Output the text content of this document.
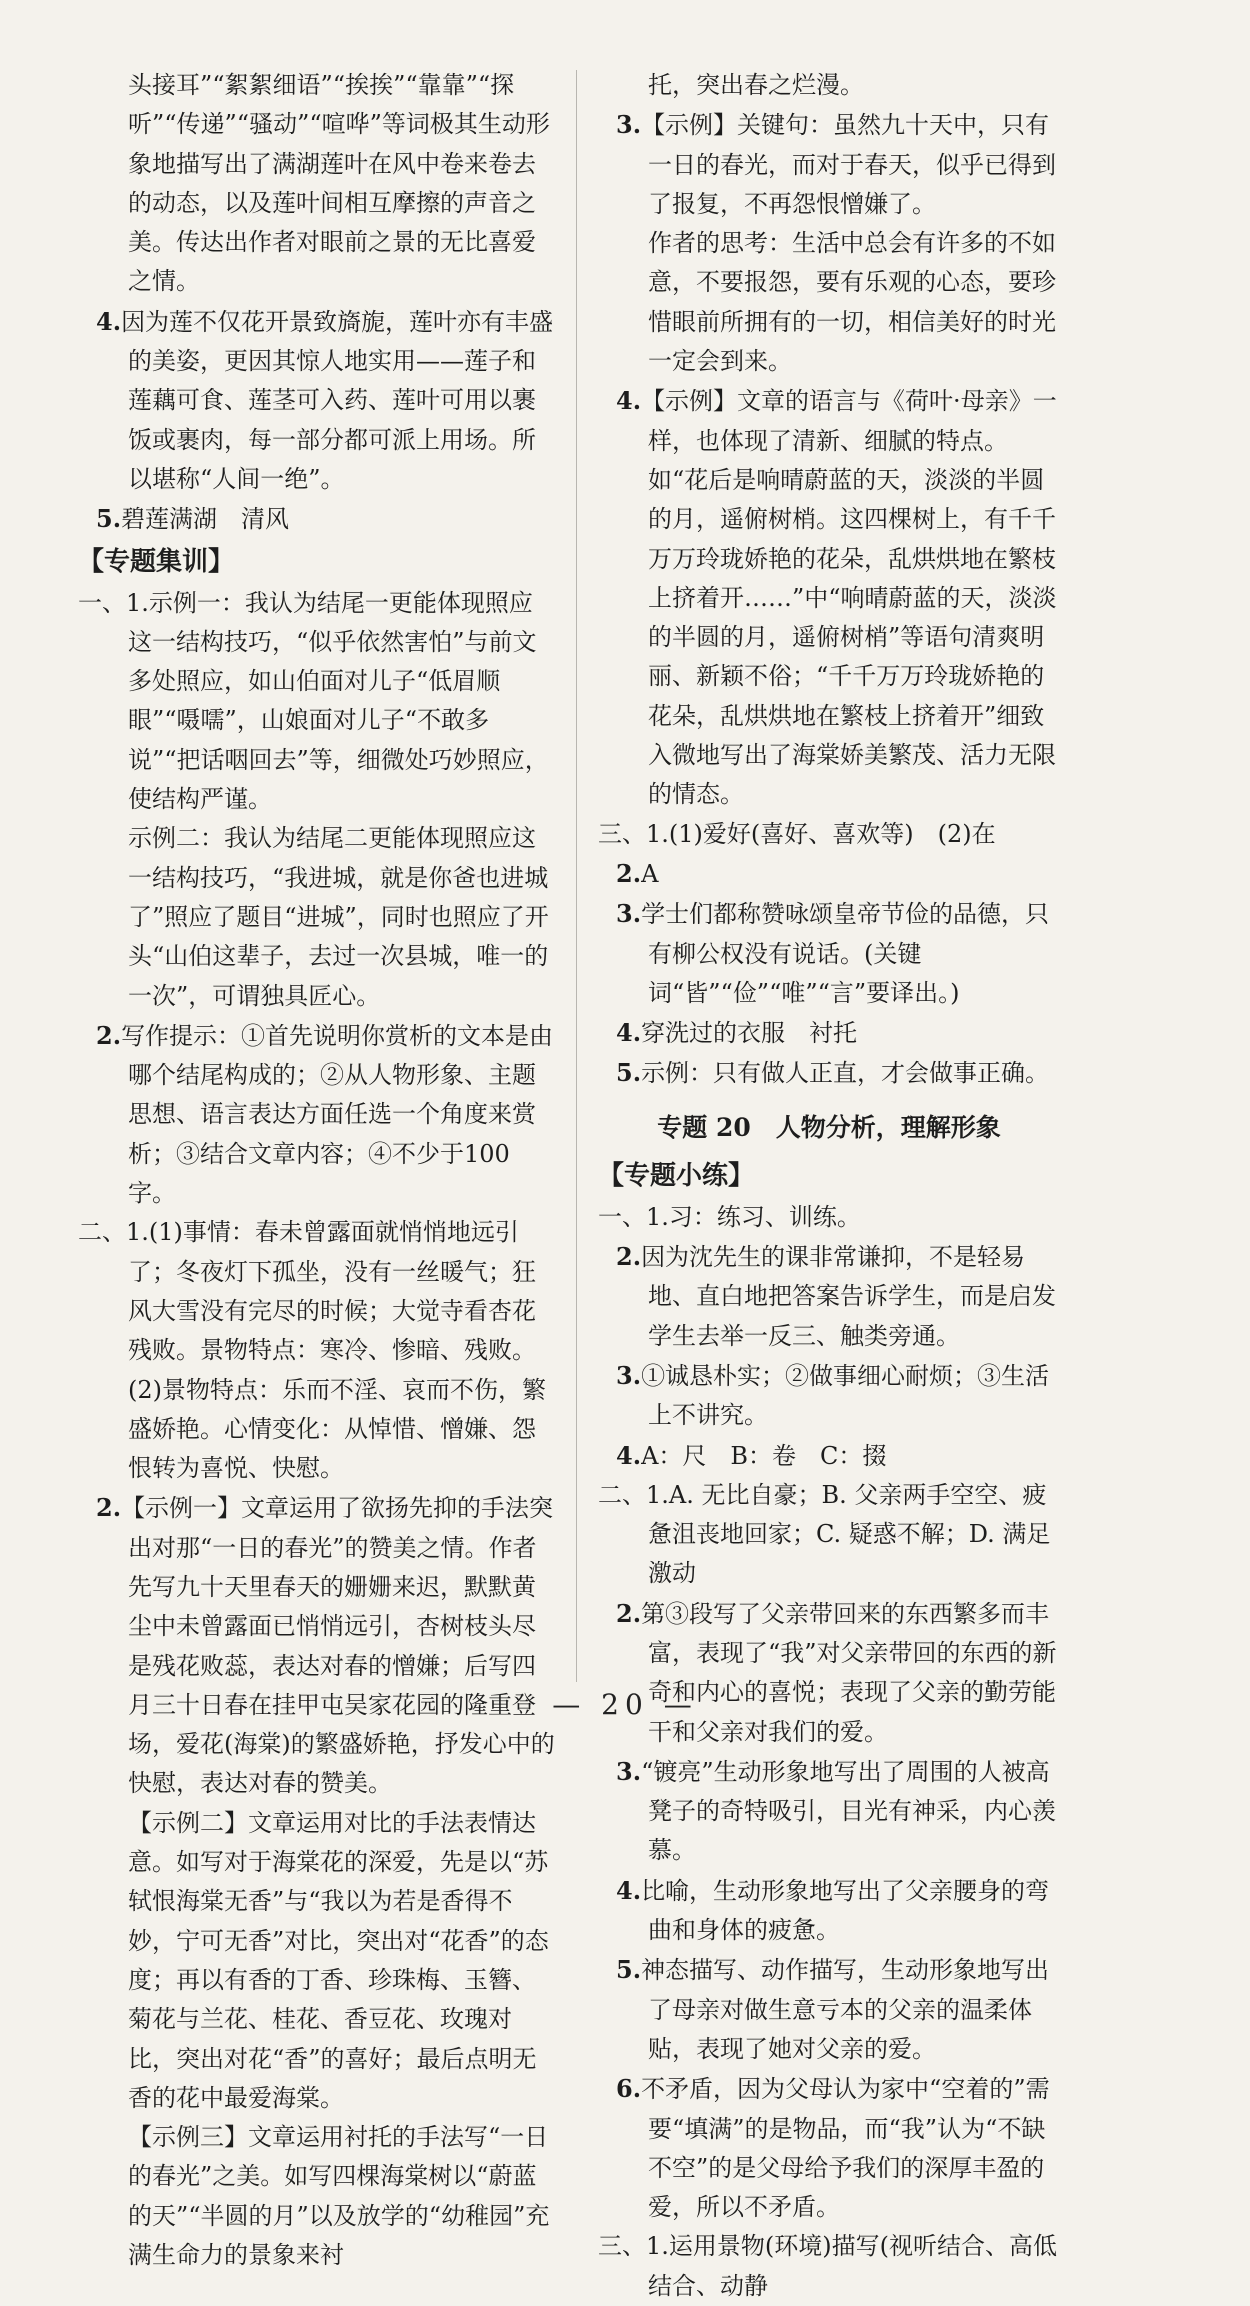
头接耳”“絮絮细语”“挨挨”“靠靠”“探听”“传递”“骚动”“喧哗”等词极其生动形象地描写出了满湖莲叶在风中卷来卷去的动态，以及莲叶间相互摩擦的声音之美。传达出作者对眼前之景的无比喜爱之情。

4.因为莲不仅花开景致旖旎，莲叶亦有丰盛的美姿，更因其惊人地实用——莲子和莲藕可食、莲茎可入药、莲叶可用以裹饭或裹肉，每一部分都可派上用场。所以堪称“人间一绝”。

5.碧莲满湖　清风

【专题集训】

一、1.示例一：我认为结尾一更能体现照应这一结构技巧，“似乎依然害怕”与前文多处照应，如山伯面对儿子“低眉顺眼”“嗫嚅”，山娘面对儿子“不敢多说”“把话咽回去”等，细微处巧妙照应，使结构严谨。

示例二：我认为结尾二更能体现照应这一结构技巧，“我进城，就是你爸也进城了”照应了题目“进城”，同时也照应了开头“山伯这辈子，去过一次县城，唯一的一次”，可谓独具匠心。

2.写作提示：①首先说明你赏析的文本是由哪个结尾构成的；②从人物形象、主题思想、语言表达方面任选一个角度来赏析；③结合文章内容；④不少于100字。

二、1.(1)事情：春未曾露面就悄悄地远引了；冬夜灯下孤坐，没有一丝暖气；狂风大雪没有完尽的时候；大觉寺看杏花残败。景物特点：寒冷、惨暗、残败。

(2)景物特点：乐而不淫、哀而不伤，繁盛娇艳。心情变化：从悼惜、憎嫌、怨恨转为喜悦、快慰。

2.【示例一】文章运用了欲扬先抑的手法突出对那“一日的春光”的赞美之情。作者先写九十天里春天的姗姗来迟，默默黄尘中未曾露面已悄悄远引，杏树枝头尽是残花败蕊，表达对春的憎嫌；后写四月三十日春在挂甲屯吴家花园的隆重登场，爱花(海棠)的繁盛娇艳，抒发心中的快慰，表达对春的赞美。

【示例二】文章运用对比的手法表情达意。如写对于海棠花的深爱，先是以“苏轼恨海棠无香”与“我以为若是香得不妙，宁可无香”对比，突出对“花香”的态度；再以有香的丁香、珍珠梅、玉簪、菊花与兰花、桂花、香豆花、玫瑰对比，突出对花“香”的喜好；最后点明无香的花中最爱海棠。

【示例三】文章运用衬托的手法写“一日的春光”之美。如写四棵海棠树以“蔚蓝的天”“半圆的月”以及放学的“幼稚园”充满生命力的景象来衬

托，突出春之烂漫。

3.【示例】关键句：虽然九十天中，只有一日的春光，而对于春天，似乎已得到了报复，不再怨恨憎嫌了。

作者的思考：生活中总会有许多的不如意，不要报怨，要有乐观的心态，要珍惜眼前所拥有的一切，相信美好的时光一定会到来。

4.【示例】文章的语言与《荷叶·母亲》一样，也体现了清新、细腻的特点。如“花后是响晴蔚蓝的天，淡淡的半圆的月，遥俯树梢。这四棵树上，有千千万万玲珑娇艳的花朵，乱烘烘地在繁枝上挤着开……”中“响晴蔚蓝的天，淡淡的半圆的月，遥俯树梢”等语句清爽明丽、新颖不俗；“千千万万玲珑娇艳的花朵，乱烘烘地在繁枝上挤着开”细致入微地写出了海棠娇美繁茂、活力无限的情态。

三、1.(1)爱好(喜好、喜欢等)　(2)在

2.A

3.学士们都称赞咏颂皇帝节俭的品德，只有柳公权没有说话。(关键词“皆”“俭”“唯”“言”要译出。)

4.穿洗过的衣服　衬托

5.示例：只有做人正直，才会做事正确。

专题 20　人物分析，理解形象

【专题小练】

一、1.习：练习、训练。

2.因为沈先生的课非常谦抑，不是轻易地、直白地把答案告诉学生，而是启发学生去举一反三、触类旁通。

3.①诚恳朴实；②做事细心耐烦；③生活上不讲究。

4.A：尺　B：卷　C：掇

二、1.A. 无比自豪；B. 父亲两手空空、疲惫沮丧地回家；C. 疑惑不解；D. 满足激动

2.第③段写了父亲带回来的东西繁多而丰富，表现了“我”对父亲带回的东西的新奇和内心的喜悦；表现了父亲的勤劳能干和父亲对我们的爱。

3.“镀亮”生动形象地写出了周围的人被高凳子的奇特吸引，目光有神采，内心羡慕。

4.比喻，生动形象地写出了父亲腰身的弯曲和身体的疲惫。

5.神态描写、动作描写，生动形象地写出了母亲对做生意亏本的父亲的温柔体贴，表现了她对父亲的爱。

6.不矛盾，因为父母认为家中“空着的”需要“填满”的是物品，而“我”认为“不缺不空”的是父母给予我们的深厚丰盈的爱，所以不矛盾。

三、1.运用景物(环境)描写(视听结合、高低结合、动静

— 20 —
